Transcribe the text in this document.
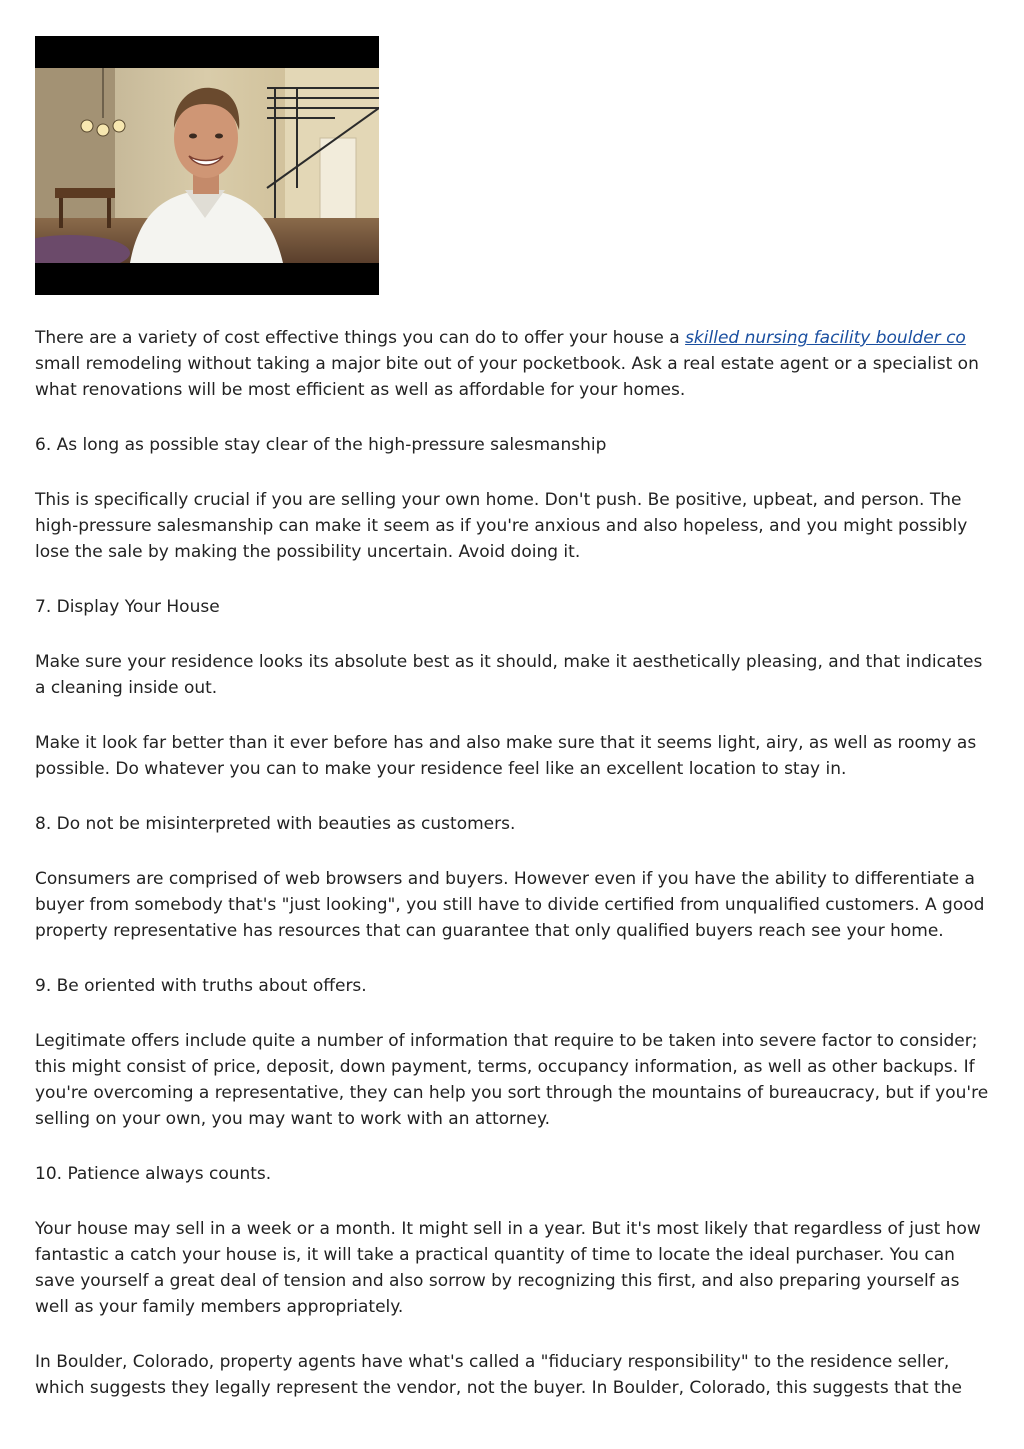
There are a variety of cost effective things you can do to offer your house a skilled nursing facility boulder co small remodeling without taking a major bite out of your pocketbook. Ask a real estate agent or a specialist on what renovations will be most efficient as well as affordable for your homes.

6. As long as possible stay clear of the high-pressure salesmanship

This is specifically crucial if you are selling your own home. Don't push. Be positive, upbeat, and person. The high-pressure salesmanship can make it seem as if you're anxious and also hopeless, and you might possibly lose the sale by making the possibility uncertain. Avoid doing it.

7. Display Your House

Make sure your residence looks its absolute best as it should, make it aesthetically pleasing, and that indicates a cleaning inside out.

Make it look far better than it ever before has and also make sure that it seems light, airy, as well as roomy as possible. Do whatever you can to make your residence feel like an excellent location to stay in.

8. Do not be misinterpreted with beauties as customers.

Consumers are comprised of web browsers and buyers. However even if you have the ability to differentiate a buyer from somebody that's "just looking", you still have to divide certified from unqualified customers. A good property representative has resources that can guarantee that only qualified buyers reach see your home.

9. Be oriented with truths about offers.

Legitimate offers include quite a number of information that require to be taken into severe factor to consider; this might consist of price, deposit, down payment, terms, occupancy information, as well as other backups. If you're overcoming a representative, they can help you sort through the mountains of bureaucracy, but if you're selling on your own, you may want to work with an attorney.

10. Patience always counts.

Your house may sell in a week or a month. It might sell in a year. But it's most likely that regardless of just how fantastic a catch your house is, it will take a practical quantity of time to locate the ideal purchaser. You can save yourself a great deal of tension and also sorrow by recognizing this first, and also preparing yourself as well as your family members appropriately.

In Boulder, Colorado, property agents have what's called a "fiduciary responsibility" to the residence seller, which suggests they legally represent the vendor, not the buyer. In Boulder, Colorado, this suggests that the
